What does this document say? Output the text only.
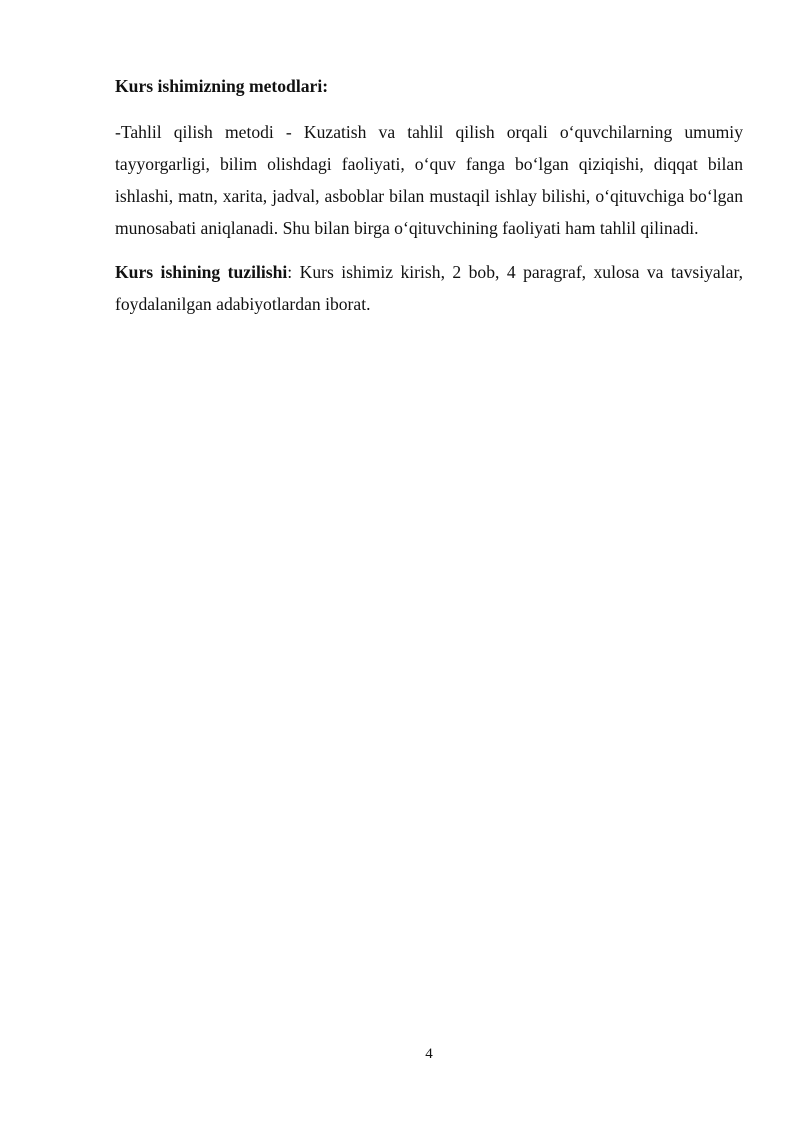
Kurs ishimizning metodlari:

-Tahlil qilish metodi - Kuzatish va tahlil qilish orqali o‘quvchilarning umumiy tayyorgarligi, bilim olishdagi faoliyati, o‘quv fanga bo‘lgan qiziqishi, diqqat bilan ishlashi, matn, xarita, jadval, asboblar bilan mustaqil ishlay bilishi, o‘qituvchiga bo‘lgan munosabati aniqlanadi. Shu bilan birga o‘qituvchining faoliyati ham tahlil qilinadi.

Kurs ishining tuzilishi: Kurs ishimiz kirish, 2 bob, 4 paragraf, xulosa va tavsiyalar, foydalanilgan adabiyotlardan iborat.

4
